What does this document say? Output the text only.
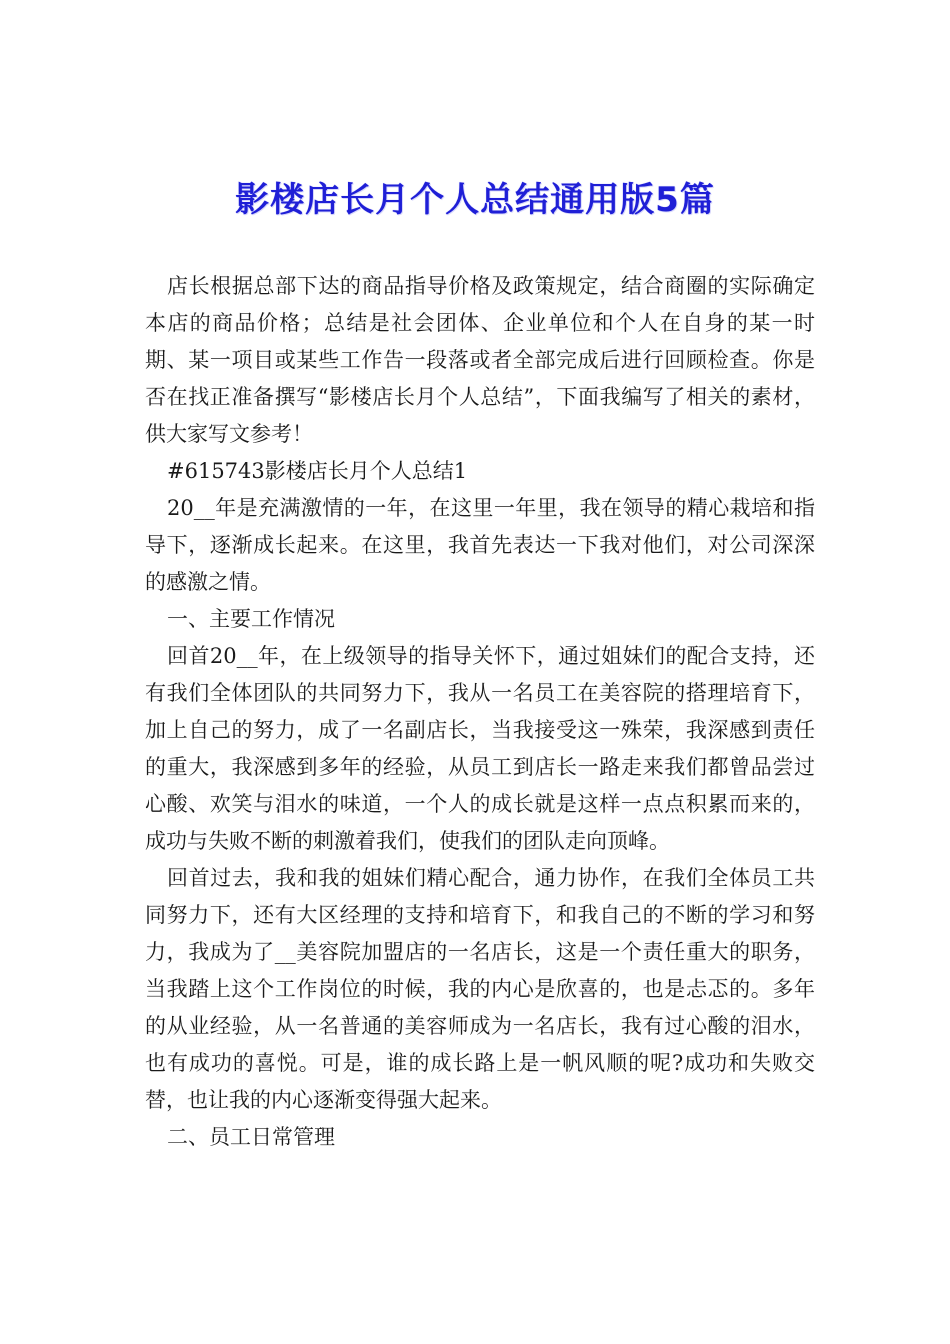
影楼店长月个人总结通用版5篇

店长根据总部下达的商品指导价格及政策规定，结合商圈的实际确定本店的商品价格；总结是社会团体、企业单位和个人在自身的某一时期、某一项目或某些工作告一段落或者全部完成后进行回顾检查。你是否在找正准备撰写“影楼店长月个人总结”，下面我编写了相关的素材，供大家写文参考！

#615743影楼店长月个人总结1

20__年是充满激情的一年，在这里一年里，我在领导的精心栽培和指导下，逐渐成长起来。在这里，我首先表达一下我对他们，对公司深深的感激之情。

一、主要工作情况

回首20__年，在上级领导的指导关怀下，通过姐妹们的配合支持，还有我们全体团队的共同努力下，我从一名员工在美容院的搭理培育下，加上自己的努力，成了一名副店长，当我接受这一殊荣，我深感到责任的重大，我深感到多年的经验，从员工到店长一路走来我们都曾品尝过心酸、欢笑与泪水的味道，一个人的成长就是这样一点点积累而来的，成功与失败不断的刺激着我们，使我们的团队走向顶峰。

回首过去，我和我的姐妹们精心配合，通力协作，在我们全体员工共同努力下，还有大区经理的支持和培育下，和我自己的不断的学习和努力，我成为了__美容院加盟店的一名店长，这是一个责任重大的职务，当我踏上这个工作岗位的时候，我的内心是欣喜的，也是忐忑的。多年的从业经验，从一名普通的美容师成为一名店长，我有过心酸的泪水，也有成功的喜悦。可是，谁的成长路上是一帆风顺的呢?成功和失败交替，也让我的内心逐渐变得强大起来。

二、员工日常管理
